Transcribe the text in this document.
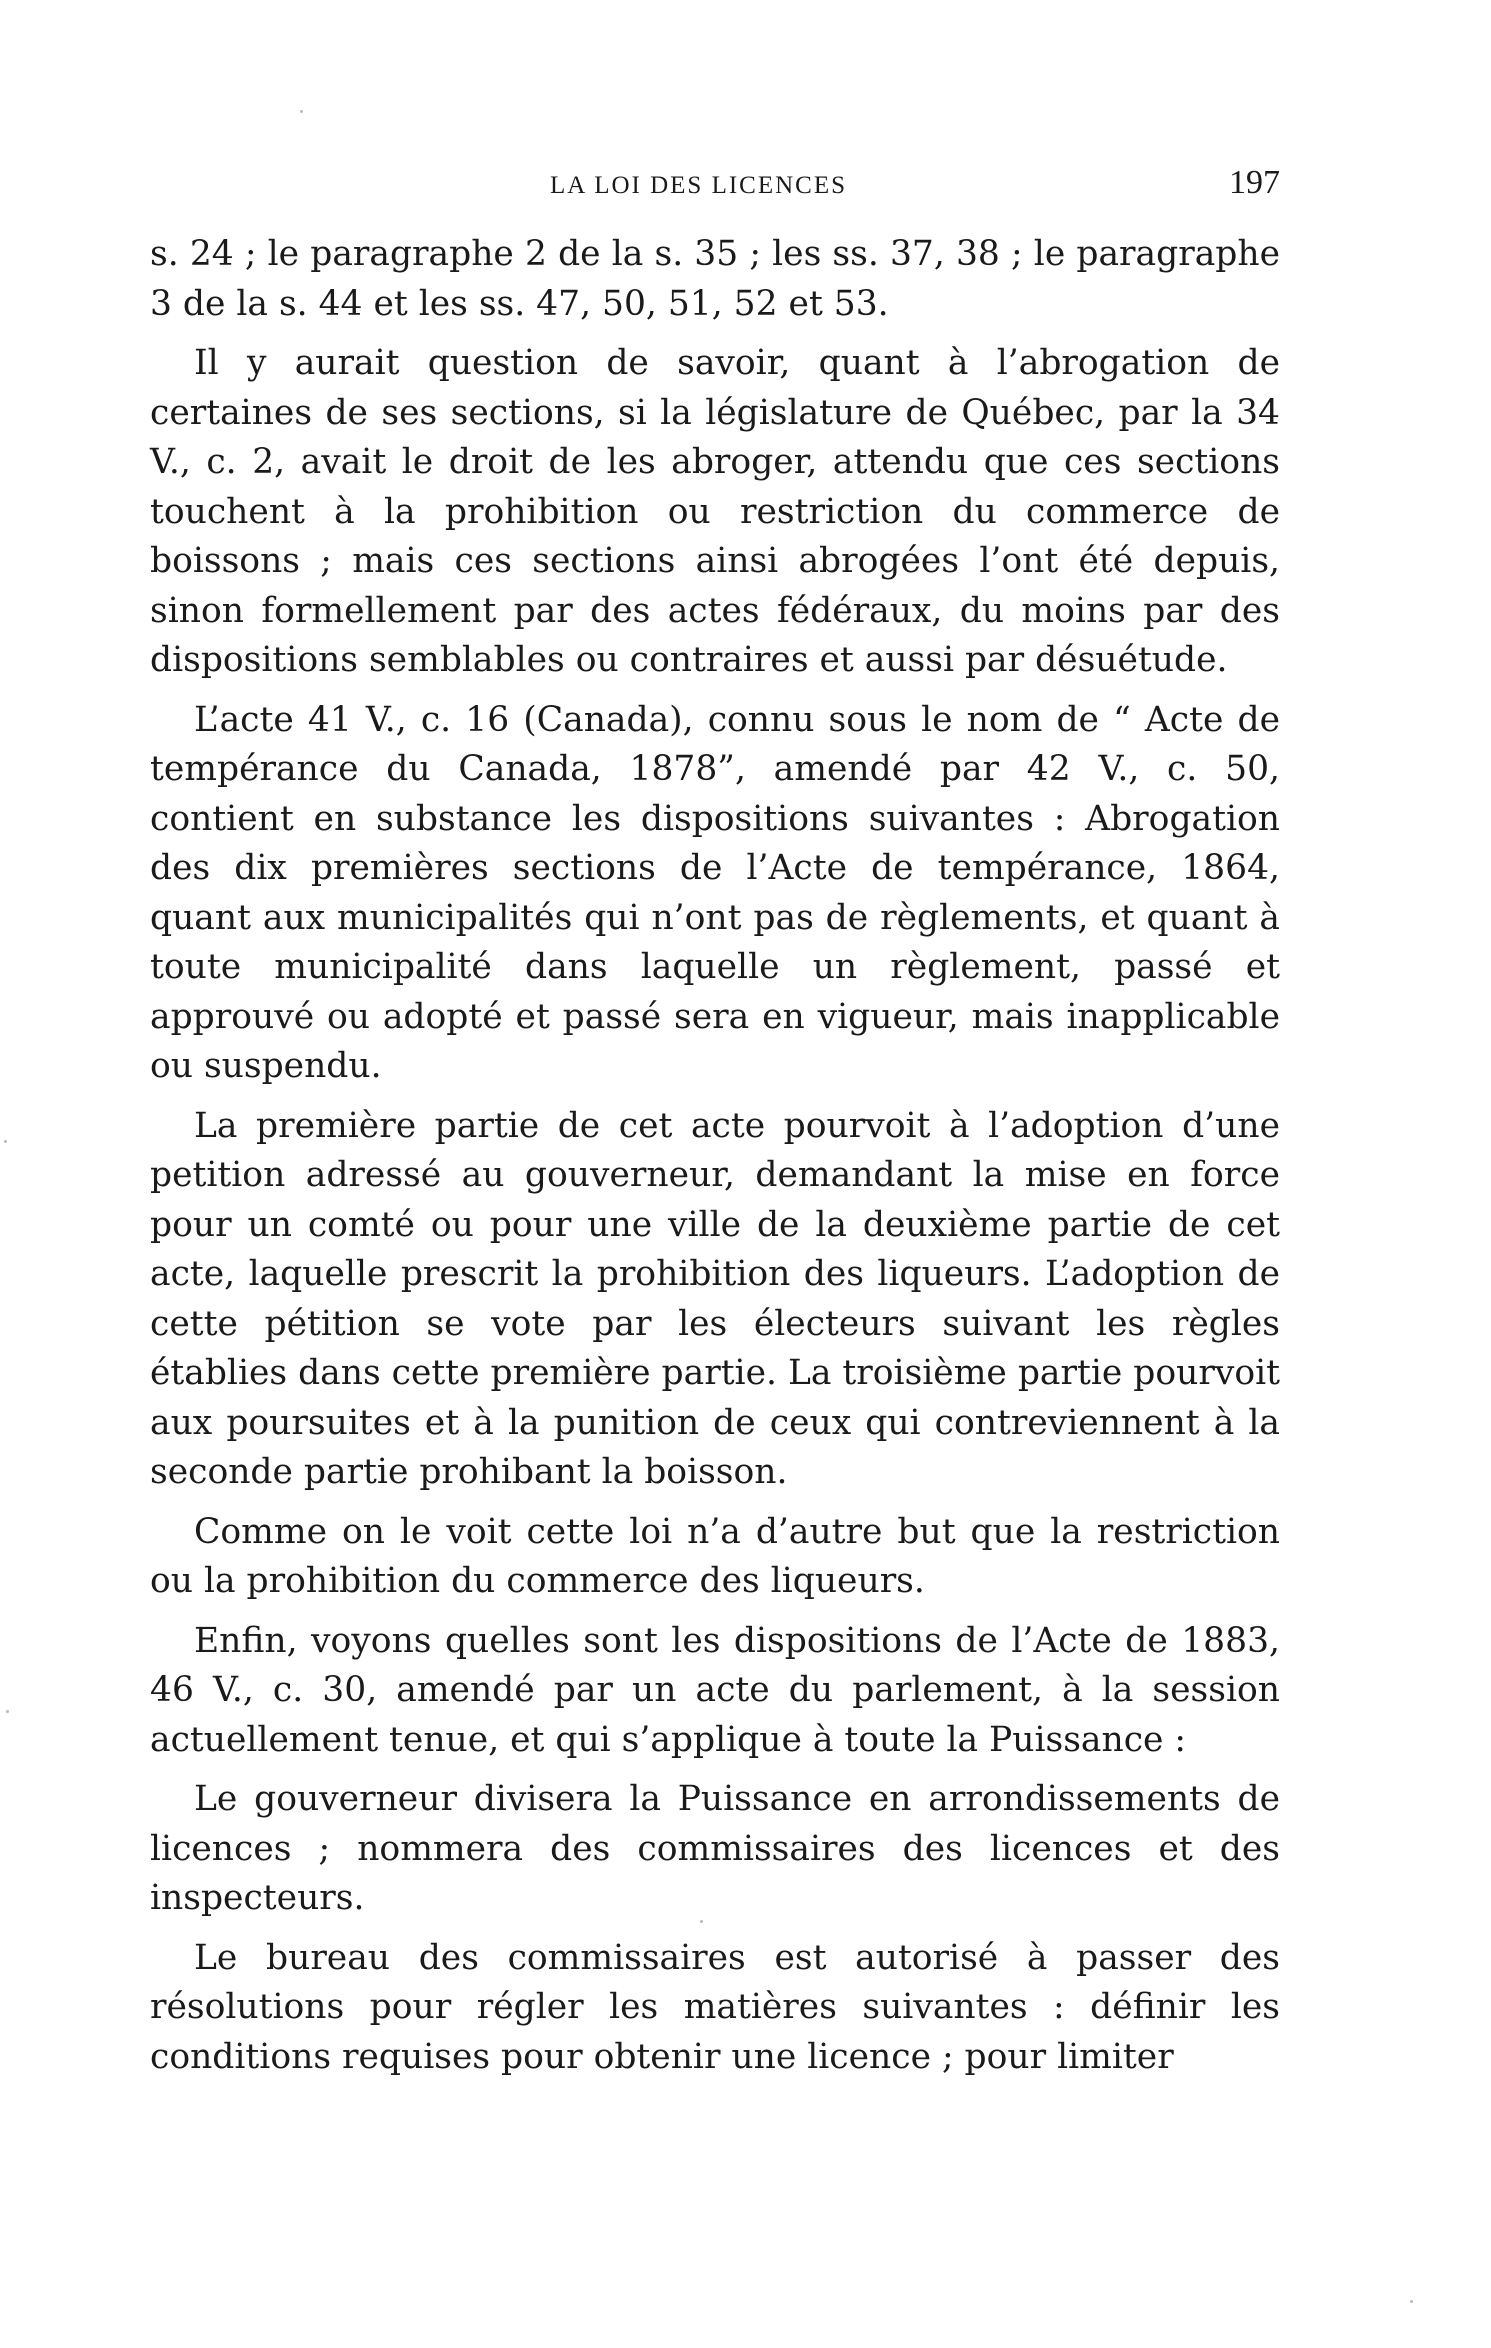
LA LOI DES LICENCES	197

s. 24 ; le paragraphe 2 de la s. 35 ; les ss. 37, 38 ; le paragraphe 3 de la s. 44 et les ss. 47, 50, 51, 52 et 53.

Il y aurait question de savoir, quant à l’abrogation de certaines de ses sections, si la législature de Québec, par la 34 V., c. 2, avait le droit de les abroger, attendu que ces sections touchent à la prohibition ou restriction du commerce de boissons ; mais ces sections ainsi abrogées l’ont été depuis, sinon formellement par des actes fédéraux, du moins par des dispositions semblables ou contraires et aussi par désuétude.

L’acte 41 V., c. 16 (Canada), connu sous le nom de “ Acte de tempérance du Canada, 1878”, amendé par 42 V., c. 50, contient en substance les dispositions suivantes : Abrogation des dix premières sections de l’Acte de tempérance, 1864, quant aux municipalités qui n’ont pas de règlements, et quant à toute municipalité dans laquelle un règlement, passé et approuvé ou adopté et passé sera en vigueur, mais inapplicable ou suspendu.

La première partie de cet acte pourvoit à l’adoption d’une petition adressé au gouverneur, demandant la mise en force pour un comté ou pour une ville de la deuxième partie de cet acte, laquelle prescrit la prohibition des liqueurs. L’adoption de cette pétition se vote par les électeurs suivant les règles établies dans cette première partie. La troisième partie pourvoit aux poursuites et à la punition de ceux qui contreviennent à la seconde partie prohibant la boisson.

Comme on le voit cette loi n’a d’autre but que la restriction ou la prohibition du commerce des liqueurs.

Enfin, voyons quelles sont les dispositions de l’Acte de 1883, 46 V., c. 30, amendé par un acte du parlement, à la session actuellement tenue, et qui s’applique à toute la Puissance :

Le gouverneur divisera la Puissance en arrondissements de licences ; nommera des commissaires des licences et des inspecteurs.

Le bureau des commissaires est autorisé à passer des résolutions pour régler les matières suivantes : définir les conditions requises pour obtenir une licence ; pour limiter
